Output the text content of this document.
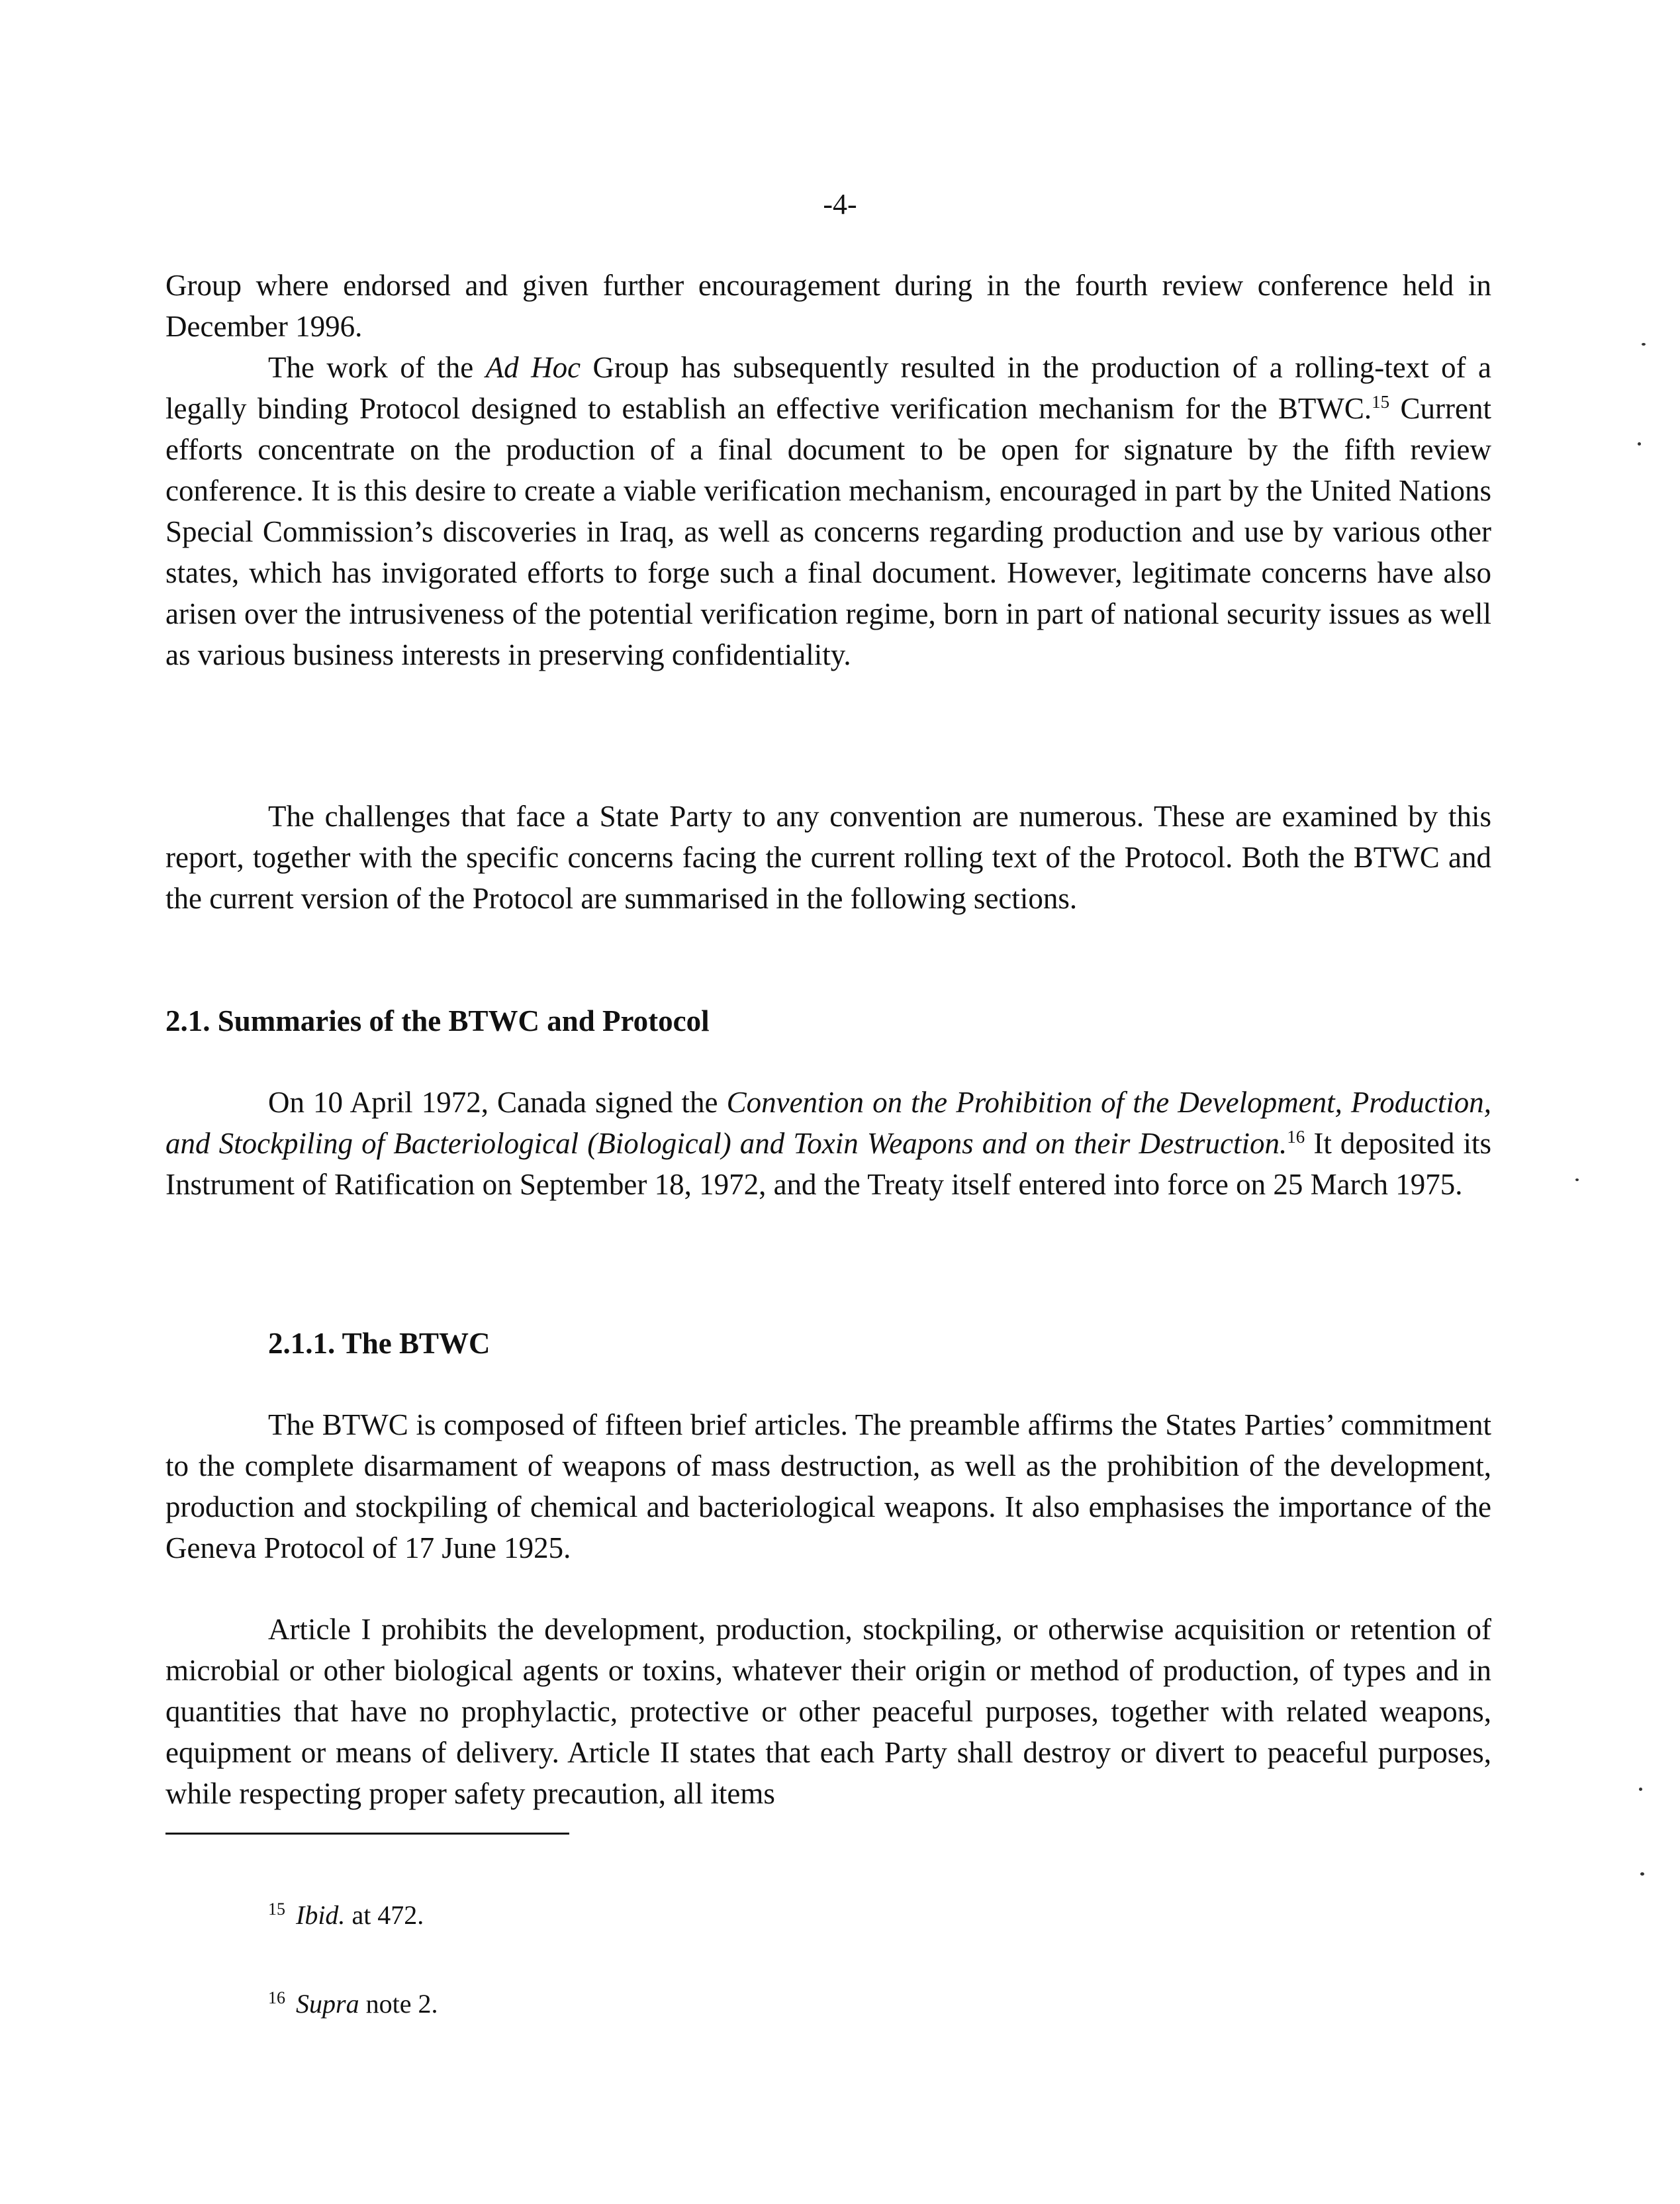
-4-

Group where endorsed and given further encouragement during in the fourth review conference held in December 1996.

The work of the Ad Hoc Group has subsequently resulted in the production of a rolling-text of a legally binding Protocol designed to establish an effective verification mechanism for the BTWC.$^{15}$ Current efforts concentrate on the production of a final document to be open for signature by the fifth review conference. It is this desire to create a viable verification mechanism, encouraged in part by the United Nations Special Commission’s discoveries in Iraq, as well as concerns regarding production and use by various other states, which has invigorated efforts to forge such a final document. However, legitimate concerns have also arisen over the intrusiveness of the potential verification regime, born in part of national security issues as well as various business interests in preserving confidentiality.

The challenges that face a State Party to any convention are numerous. These are examined by this report, together with the specific concerns facing the current rolling text of the Protocol. Both the BTWC and the current version of the Protocol are summarised in the following sections.

2.1. Summaries of the BTWC and Protocol

On 10 April 1972, Canada signed the Convention on the Prohibition of the Development, Production, and Stockpiling of Bacteriological (Biological) and Toxin Weapons and on their Destruction.$^{16}$ It deposited its Instrument of Ratification on September 18, 1972, and the Treaty itself entered into force on 25 March 1975.

2.1.1. The BTWC

The BTWC is composed of fifteen brief articles. The preamble affirms the States Parties’ commitment to the complete disarmament of weapons of mass destruction, as well as the prohibition of the development, production and stockpiling of chemical and bacteriological weapons. It also emphasises the importance of the Geneva Protocol of 17 June 1925.

Article I prohibits the development, production, stockpiling, or otherwise acquisition or retention of microbial or other biological agents or toxins, whatever their origin or method of production, of types and in quantities that have no prophylactic, protective or other peaceful purposes, together with related weapons, equipment or means of delivery. Article II states that each Party shall destroy or divert to peaceful purposes, while respecting proper safety precaution, all items

$^{15}$ Ibid. at 472.
$^{16}$ Supra note 2.
